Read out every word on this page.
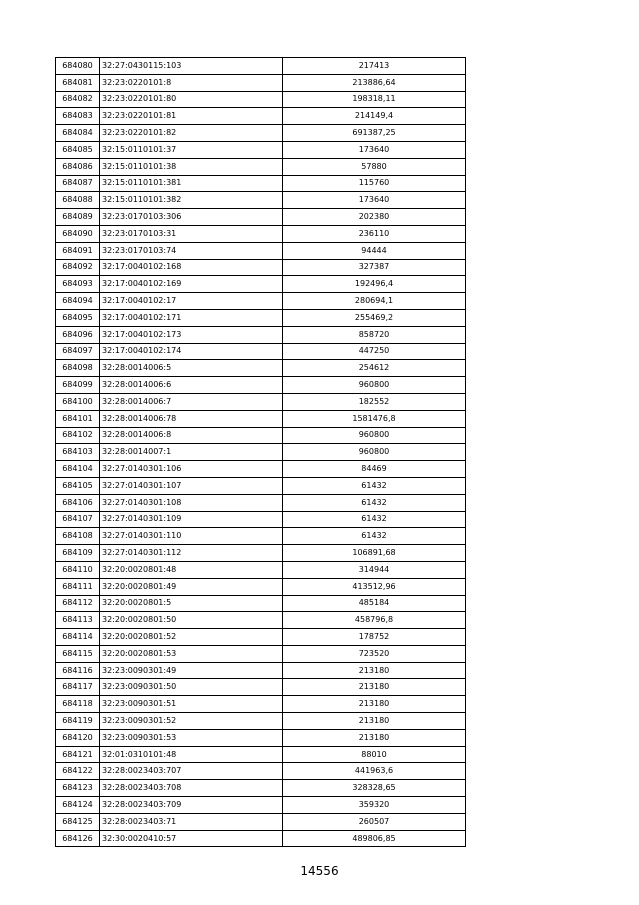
684080	32:27:0430115:103	217413
684081	32:23:0220101:8	213886,64
684082	32:23:0220101:80	198318,11
684083	32:23:0220101:81	214149,4
684084	32:23:0220101:82	691387,25
684085	32:15:0110101:37	173640
684086	32:15:0110101:38	57880
684087	32:15:0110101:381	115760
684088	32:15:0110101:382	173640
684089	32:23:0170103:306	202380
684090	32:23:0170103:31	236110
684091	32:23:0170103:74	94444
684092	32:17:0040102:168	327387
684093	32:17:0040102:169	192496,4
684094	32:17:0040102:17	280694,1
684095	32:17:0040102:171	255469,2
684096	32:17:0040102:173	858720
684097	32:17:0040102:174	447250
684098	32:28:0014006:5	254612
684099	32:28:0014006:6	960800
684100	32:28:0014006:7	182552
684101	32:28:0014006:78	1581476,8
684102	32:28:0014006:8	960800
684103	32:28:0014007:1	960800
684104	32:27:0140301:106	84469
684105	32:27:0140301:107	61432
684106	32:27:0140301:108	61432
684107	32:27:0140301:109	61432
684108	32:27:0140301:110	61432
684109	32:27:0140301:112	106891,68
684110	32:20:0020801:48	314944
684111	32:20:0020801:49	413512,96
684112	32:20:0020801:5	485184
684113	32:20:0020801:50	458796,8
684114	32:20:0020801:52	178752
684115	32:20:0020801:53	723520
684116	32:23:0090301:49	213180
684117	32:23:0090301:50	213180
684118	32:23:0090301:51	213180
684119	32:23:0090301:52	213180
684120	32:23:0090301:53	213180
684121	32:01:0310101:48	88010
684122	32:28:0023403:707	441963,6
684123	32:28:0023403:708	328328,65
684124	32:28:0023403:709	359320
684125	32:28:0023403:71	260507
684126	32:30:0020410:57	489806,85
14556
